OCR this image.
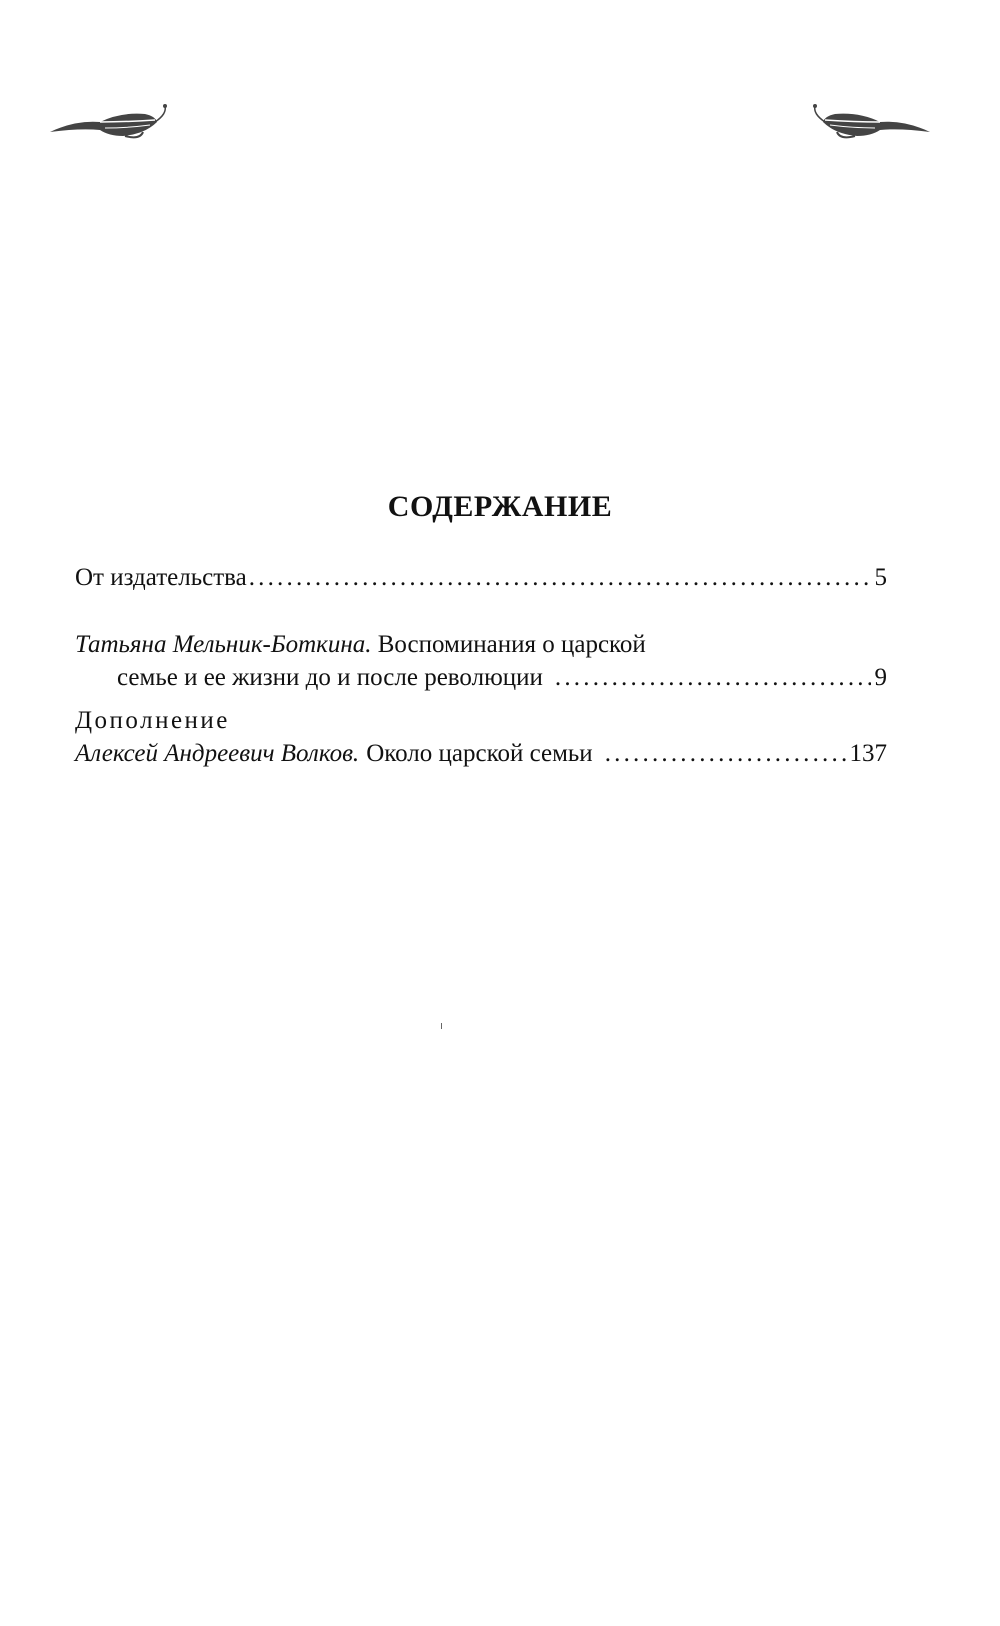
СОДЕРЖАНИЕ
От издательства .....	5
Татьяна Мельник-Боткина. Воспоминания о царской
семье и ее жизни до и после революции .....	9
Дополнение
Алексей Андреевич Волков. Около царской семьи .....	137
